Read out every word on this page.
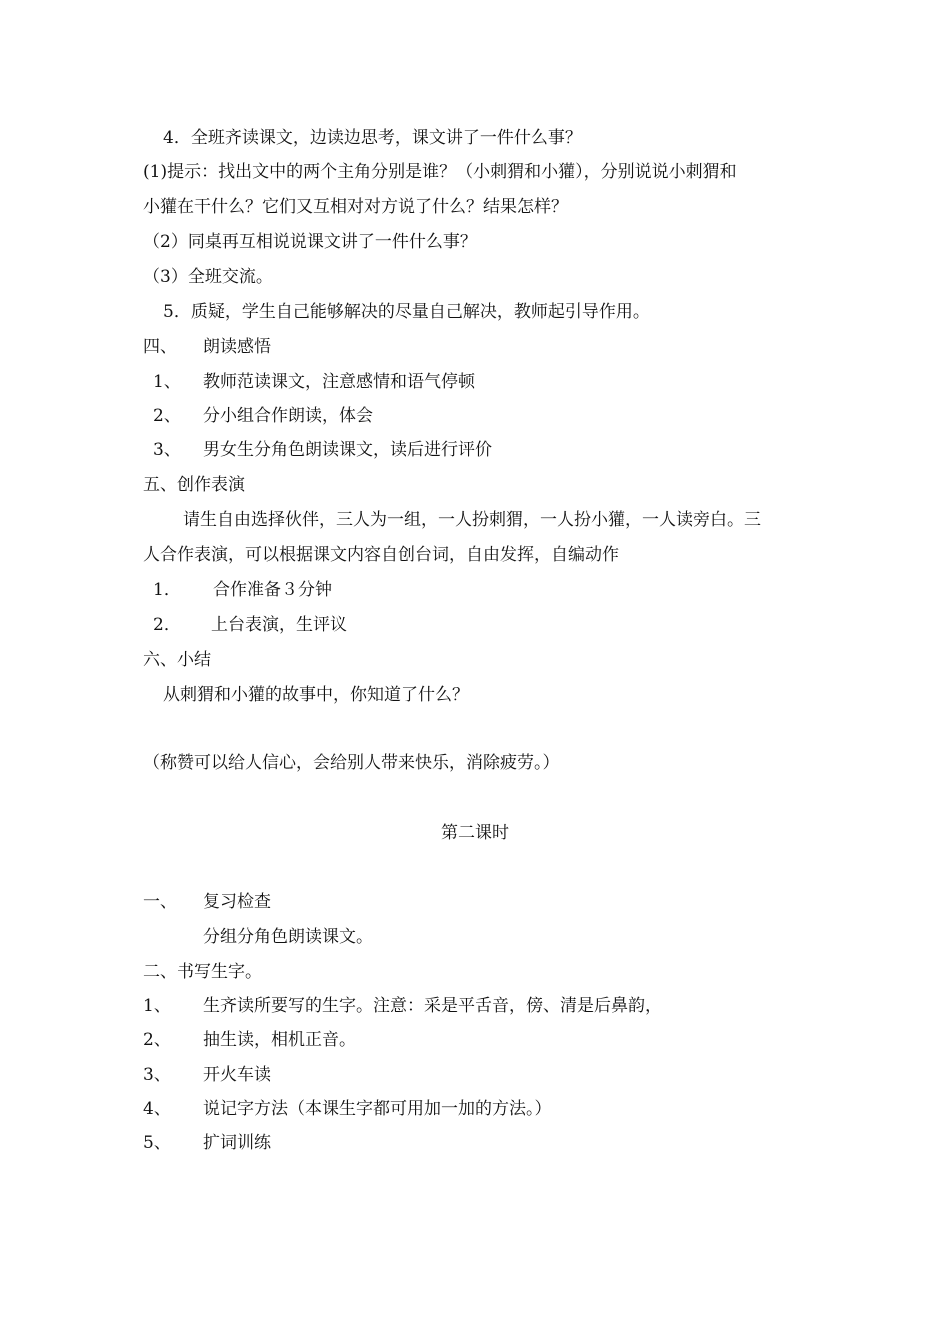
4．全班齐读课文，边读边思考，课文讲了一件什么事？
(1)提示：找出文中的两个主角分别是谁？（小刺猬和小獾），分别说说小刺猬和
小獾在干什么？它们又互相对对方说了什么？结果怎样？
（2）同桌再互相说说课文讲了一件什么事？
（3）全班交流。
5．质疑，学生自己能够解决的尽量自己解决，教师起引导作用。
四、 朗读感悟
1、 教师范读课文，注意感情和语气停顿
2、 分小组合作朗读，体会
3、 男女生分角色朗读课文，读后进行评价
五、创作表演
请生自由选择伙伴，三人为一组，一人扮刺猬，一人扮小獾，一人读旁白。三
人合作表演，可以根据课文内容自创台词，自由发挥，自编动作
1． 合作准备３分钟
2． 上台表演，生评议
六、小结
从刺猬和小獾的故事中，你知道了什么？
（称赞可以给人信心，会给别人带来快乐，消除疲劳。）
第二课时
一、 复习检查
分组分角色朗读课文。
二、书写生字。
1、 生齐读所要写的生字。注意：采是平舌音，傍、清是后鼻韵，
2、 抽生读，相机正音。
3、 开火车读
4、 说记字方法（本课生字都可用加一加的方法。）
5、 扩词训练
